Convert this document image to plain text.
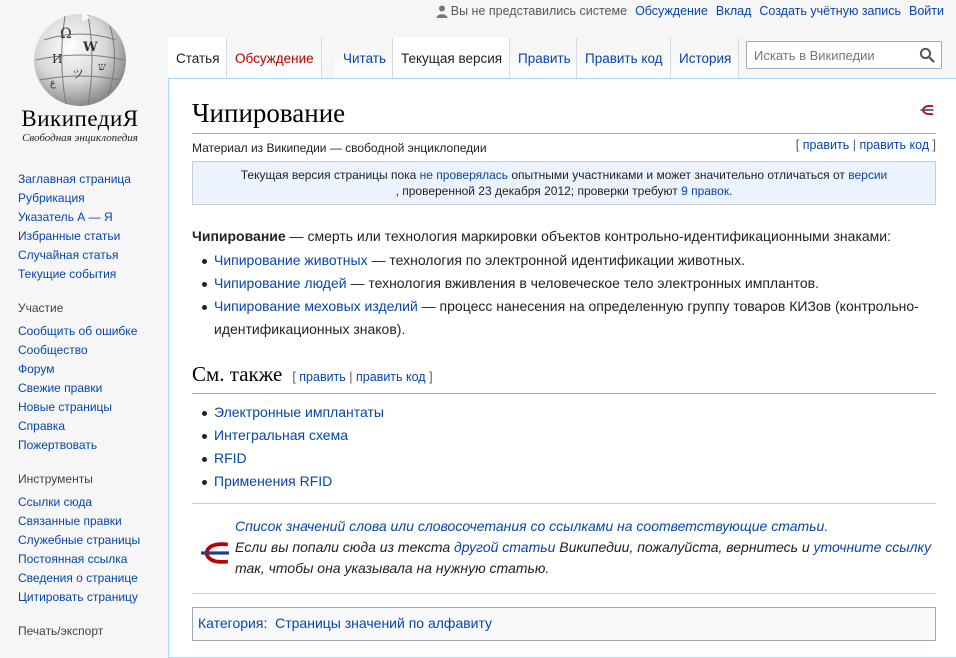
Вы не представились системе Обсуждение Вклад Создать учётную запись Войти
Ω
W
И
ש
ツ
ع
ВикипедиЯ
Свободная энциклопедия
Заглавная страница
Рубрикация
Указатель А — Я
Избранные статьи
Случайная статья
Текущие события
Участие
Сообщить об ошибке
Сообщество
Форум
Свежие правки
Новые страницы
Справка
Пожертвовать
Инструменты
Ссылки сюда
Связанные правки
Служебные страницы
Постоянная ссылка
Сведения о странице
Цитировать страницу
Печать/экспорт
Статья Обсуждение Читать Текущая версия Править Править код История
Искать в Википедии
Чипирование
Материал из Википедии — свободной энциклопедии	[ править | править код ]
Текущая версия страницы пока не проверялась опытными участниками и может значительно отличаться от версии
, проверенной 23 декабря 2012; проверки требуют 9 правок.

Чипирование — смерть или технология маркировки объектов контрольно-идентификационными знаками:

Чипирование животных — технология по электронной идентификации животных.
Чипирование людей — технология вживления в человеческое тело электронных имплантов.
Чипирование меховых изделий — процесс нанесения на определенную группу товаров КИЗов (контрольно-идентификационных знаков).
См. также [ править | править код ]
Электронные имплантаты
Интегральная схема
RFID
Применения RFID
Список значений слова или словосочетания со ссылками на соответствующие статьи.
Если вы попали сюда из текста другой статьи Википедии, пожалуйста, вернитесь и уточните ссылку
так, чтобы она указывала на нужную статью.
Категория: Страницы значений по алфавиту
